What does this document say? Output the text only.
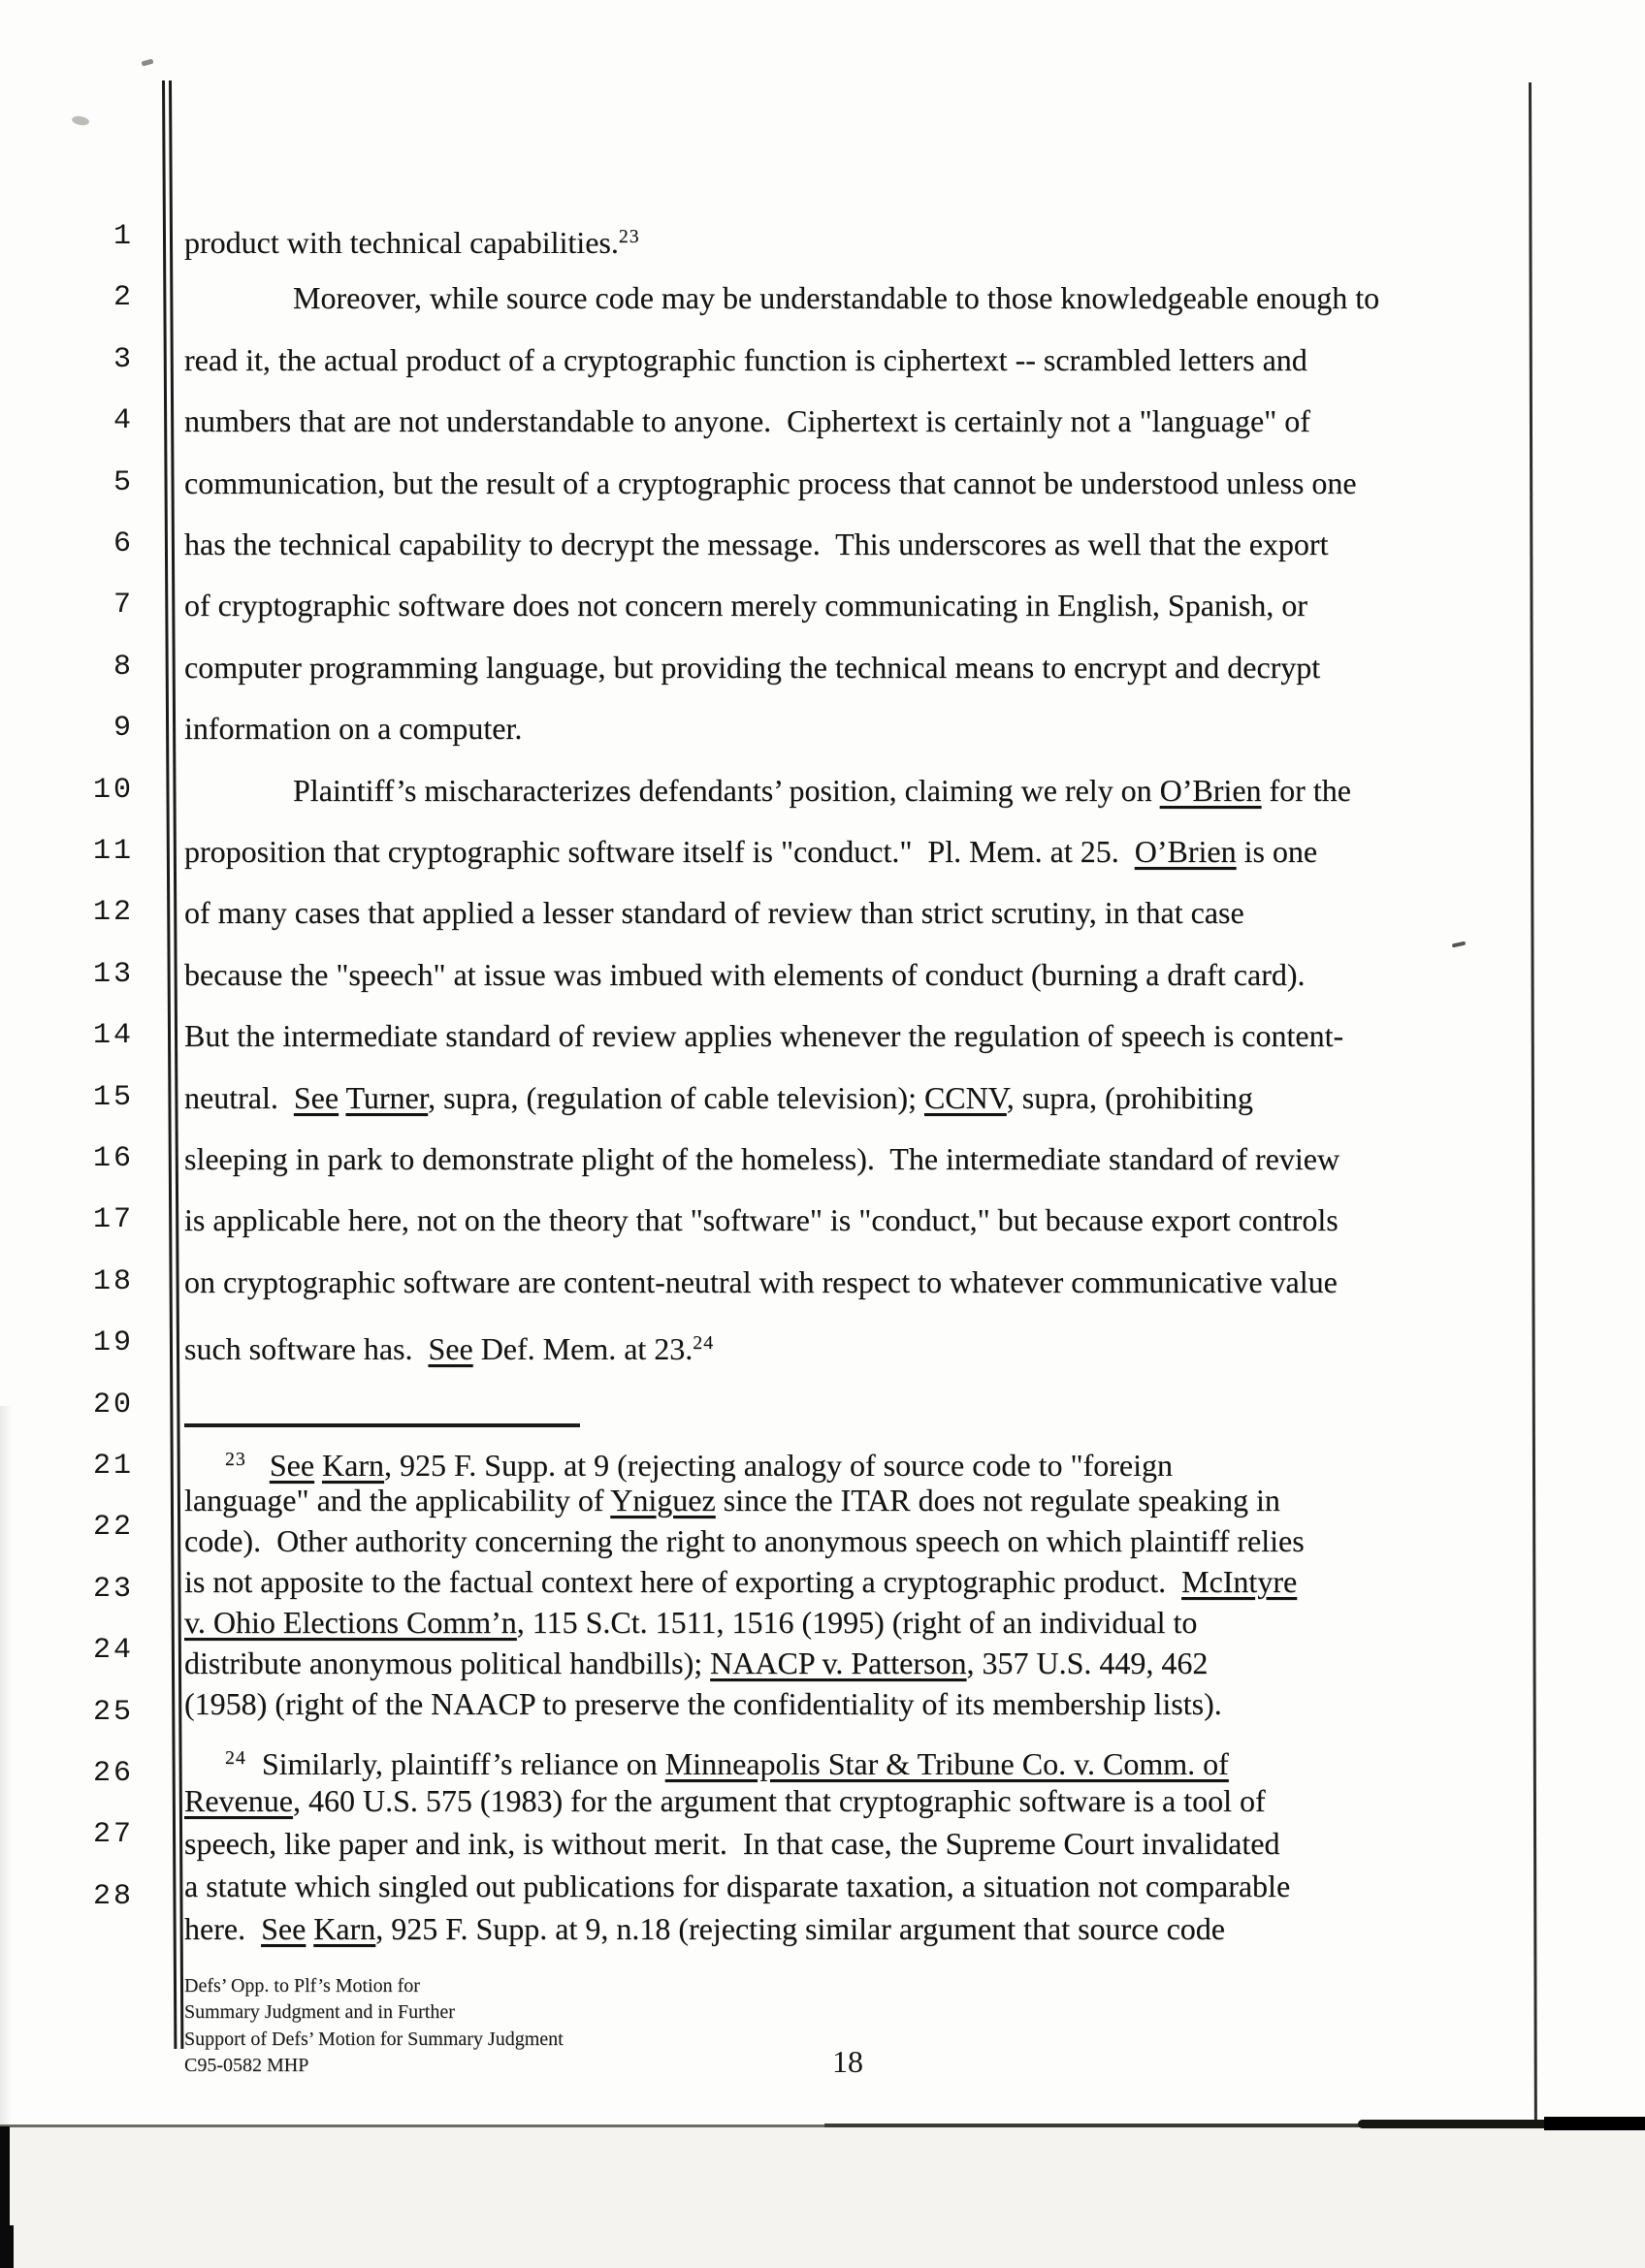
1
2
3
4
5
6
7
8
9
10
11
12
13
14
15
16
17
18
19
20
21
22
23
24
25
26
27
28
product with technical capabilities.$^{23}$
Moreover, while source code may be understandable to those knowledgeable enough to
read it, the actual product of a cryptographic function is ciphertext -- scrambled letters and
numbers that are not understandable to anyone.  Ciphertext is certainly not a "language" of
communication, but the result of a cryptographic process that cannot be understood unless one
has the technical capability to decrypt the message.  This underscores as well that the export
of cryptographic software does not concern merely communicating in English, Spanish, or
computer programming language, but providing the technical means to encrypt and decrypt
information on a computer.
Plaintiff’s mischaracterizes defendants’ position, claiming we rely on O’Brien for the
proposition that cryptographic software itself is "conduct."  Pl. Mem. at 25.  O’Brien is one
of many cases that applied a lesser standard of review than strict scrutiny, in that case
because the "speech" at issue was imbued with elements of conduct (burning a draft card).
But the intermediate standard of review applies whenever the regulation of speech is content-
neutral.  See Turner, supra, (regulation of cable television); CCNV, supra, (prohibiting
sleeping in park to demonstrate plight of the homeless).  The intermediate standard of review
is applicable here, not on the theory that "software" is "conduct," but because export controls
on cryptographic software are content-neutral with respect to whatever communicative value
such software has.  See Def. Mem. at 23.24
$^{23}$ See Karn, 925 F. Supp. at 9 (rejecting analogy of source code to "foreign
language" and the applicability of Yniguez since the ITAR does not regulate speaking in
code).  Other authority concerning the right to anonymous speech on which plaintiff relies
is not apposite to the factual context here of exporting a cryptographic product.  McIntyre
v. Ohio Elections Comm’n, 115 S.Ct. 1511, 1516 (1995) (right of an individual to
distribute anonymous political handbills); NAACP v. Patterson, 357 U.S. 449, 462
(1958) (right of the NAACP to preserve the confidentiality of its membership lists).
$^{24}$  Similarly, plaintiff’s reliance on Minneapolis Star & Tribune Co. v. Comm. of
Revenue, 460 U.S. 575 (1983) for the argument that cryptographic software is a tool of
speech, like paper and ink, is without merit.  In that case, the Supreme Court invalidated
a statute which singled out publications for disparate taxation, a situation not comparable
here.  See Karn, 925 F. Supp. at 9, n.18 (rejecting similar argument that source code
Defs’ Opp. to Plf’s Motion for
Summary Judgment and in Further
Support of Defs’ Motion for Summary Judgment
C95-0582 MHP	18
